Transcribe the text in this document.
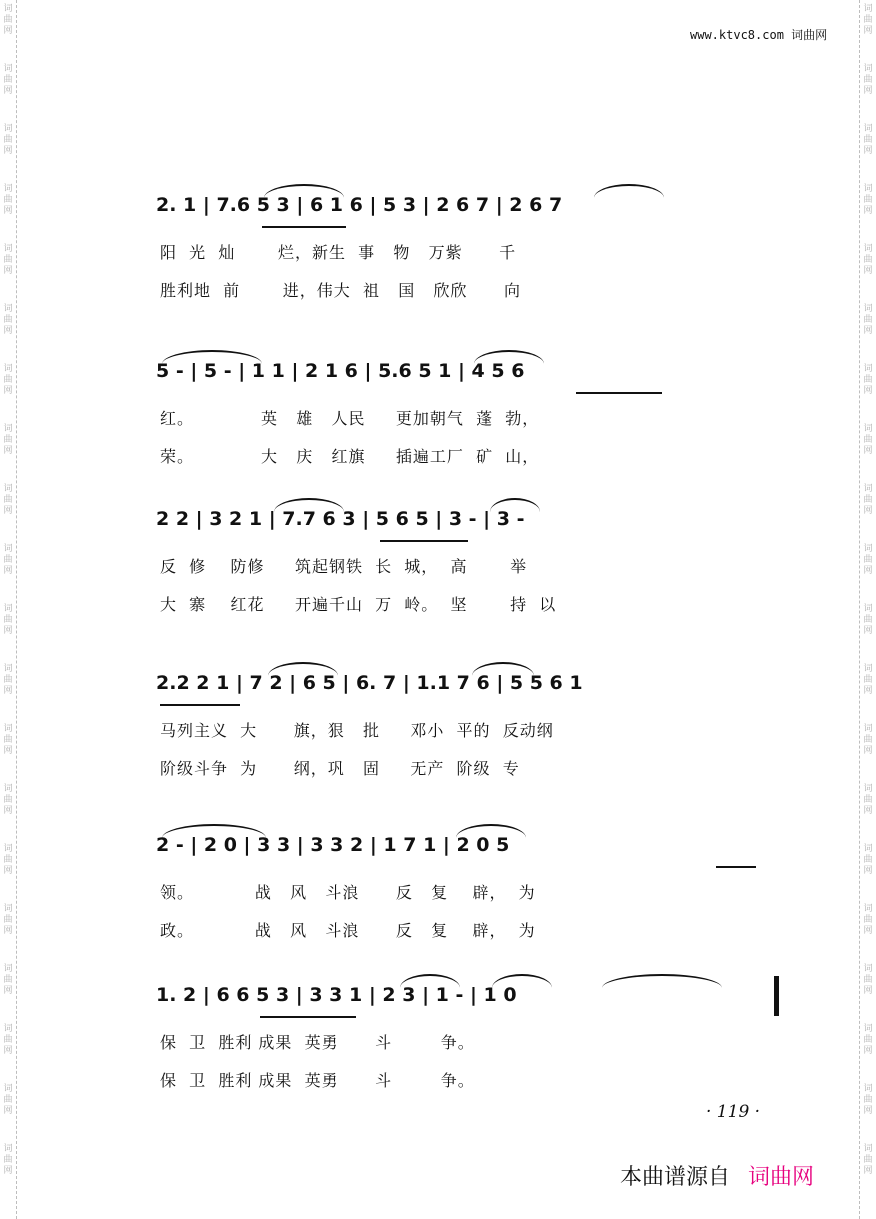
词
曲
网
词
曲
网
词
曲
网
词
曲
网
词
曲
网
词
曲
网
词
曲
网
词
曲
网
词
曲
网
词
曲
网
词
曲
网
词
曲
网
词
曲
网
词
曲
网
词
曲
网
词
曲
网
词
曲
网
词
曲
网
词
曲
网
词
曲
网
词
曲
网
词
曲
网
词
曲
网
词
曲
网
词
曲
网
词
曲
网
词
曲
网
词
曲
网
词
曲
网
词
曲
网
词
曲
网
词
曲
网
词
曲
网
词
曲
网
词
曲
网
词
曲
网
词
曲
网
词
曲
网
词
曲
网
词
曲
网
www.ktvc8.com 词曲网
2. 1 | 7.6 5 3 | 6 1 6 | 5 3 | 2 6 7 | 2 6 7
阳  光  灿       烂，新生  事   物   万紫      千
胜利地  前       进，伟大  祖   国   欣欣      向
5 - | 5 - | 1 1 | 2 1 6 | 5.6 5 1 | 4 5 6
红。           英   雄   人民     更加朝气  蓬  勃，
荣。           大   庆   红旗     插遍工厂  矿  山，
2 2 | 3 2 1 | 7.7 6 3 | 5 6 5 | 3 - | 3 -
反  修    防修     筑起钢铁  长  城，  高       举
大  寨    红花     开遍千山  万  岭。  坚       持  以
2.2 2 1 | 7 2 | 6 5 | 6. 7 | 1.1 7 6 | 5 5 6 1
马列主义  大      旗，狠   批     邓小  平的  反动纲
阶级斗争  为      纲，巩   固     无产  阶级  专
2 - | 2 0 | 3 3 | 3 3 2 | 1 7 1 | 2 0 5
领。          战   风   斗浪      反   复    辟，  为
政。          战   风   斗浪      反   复    辟，  为
1. 2 | 6 6 5 3 | 3 3 1 | 2 3 | 1 - | 1 0
保  卫  胜利 成果  英勇      斗        争。
保  卫  胜利 成果  英勇      斗        争。
· 119 ·
本曲谱源自 词曲网
